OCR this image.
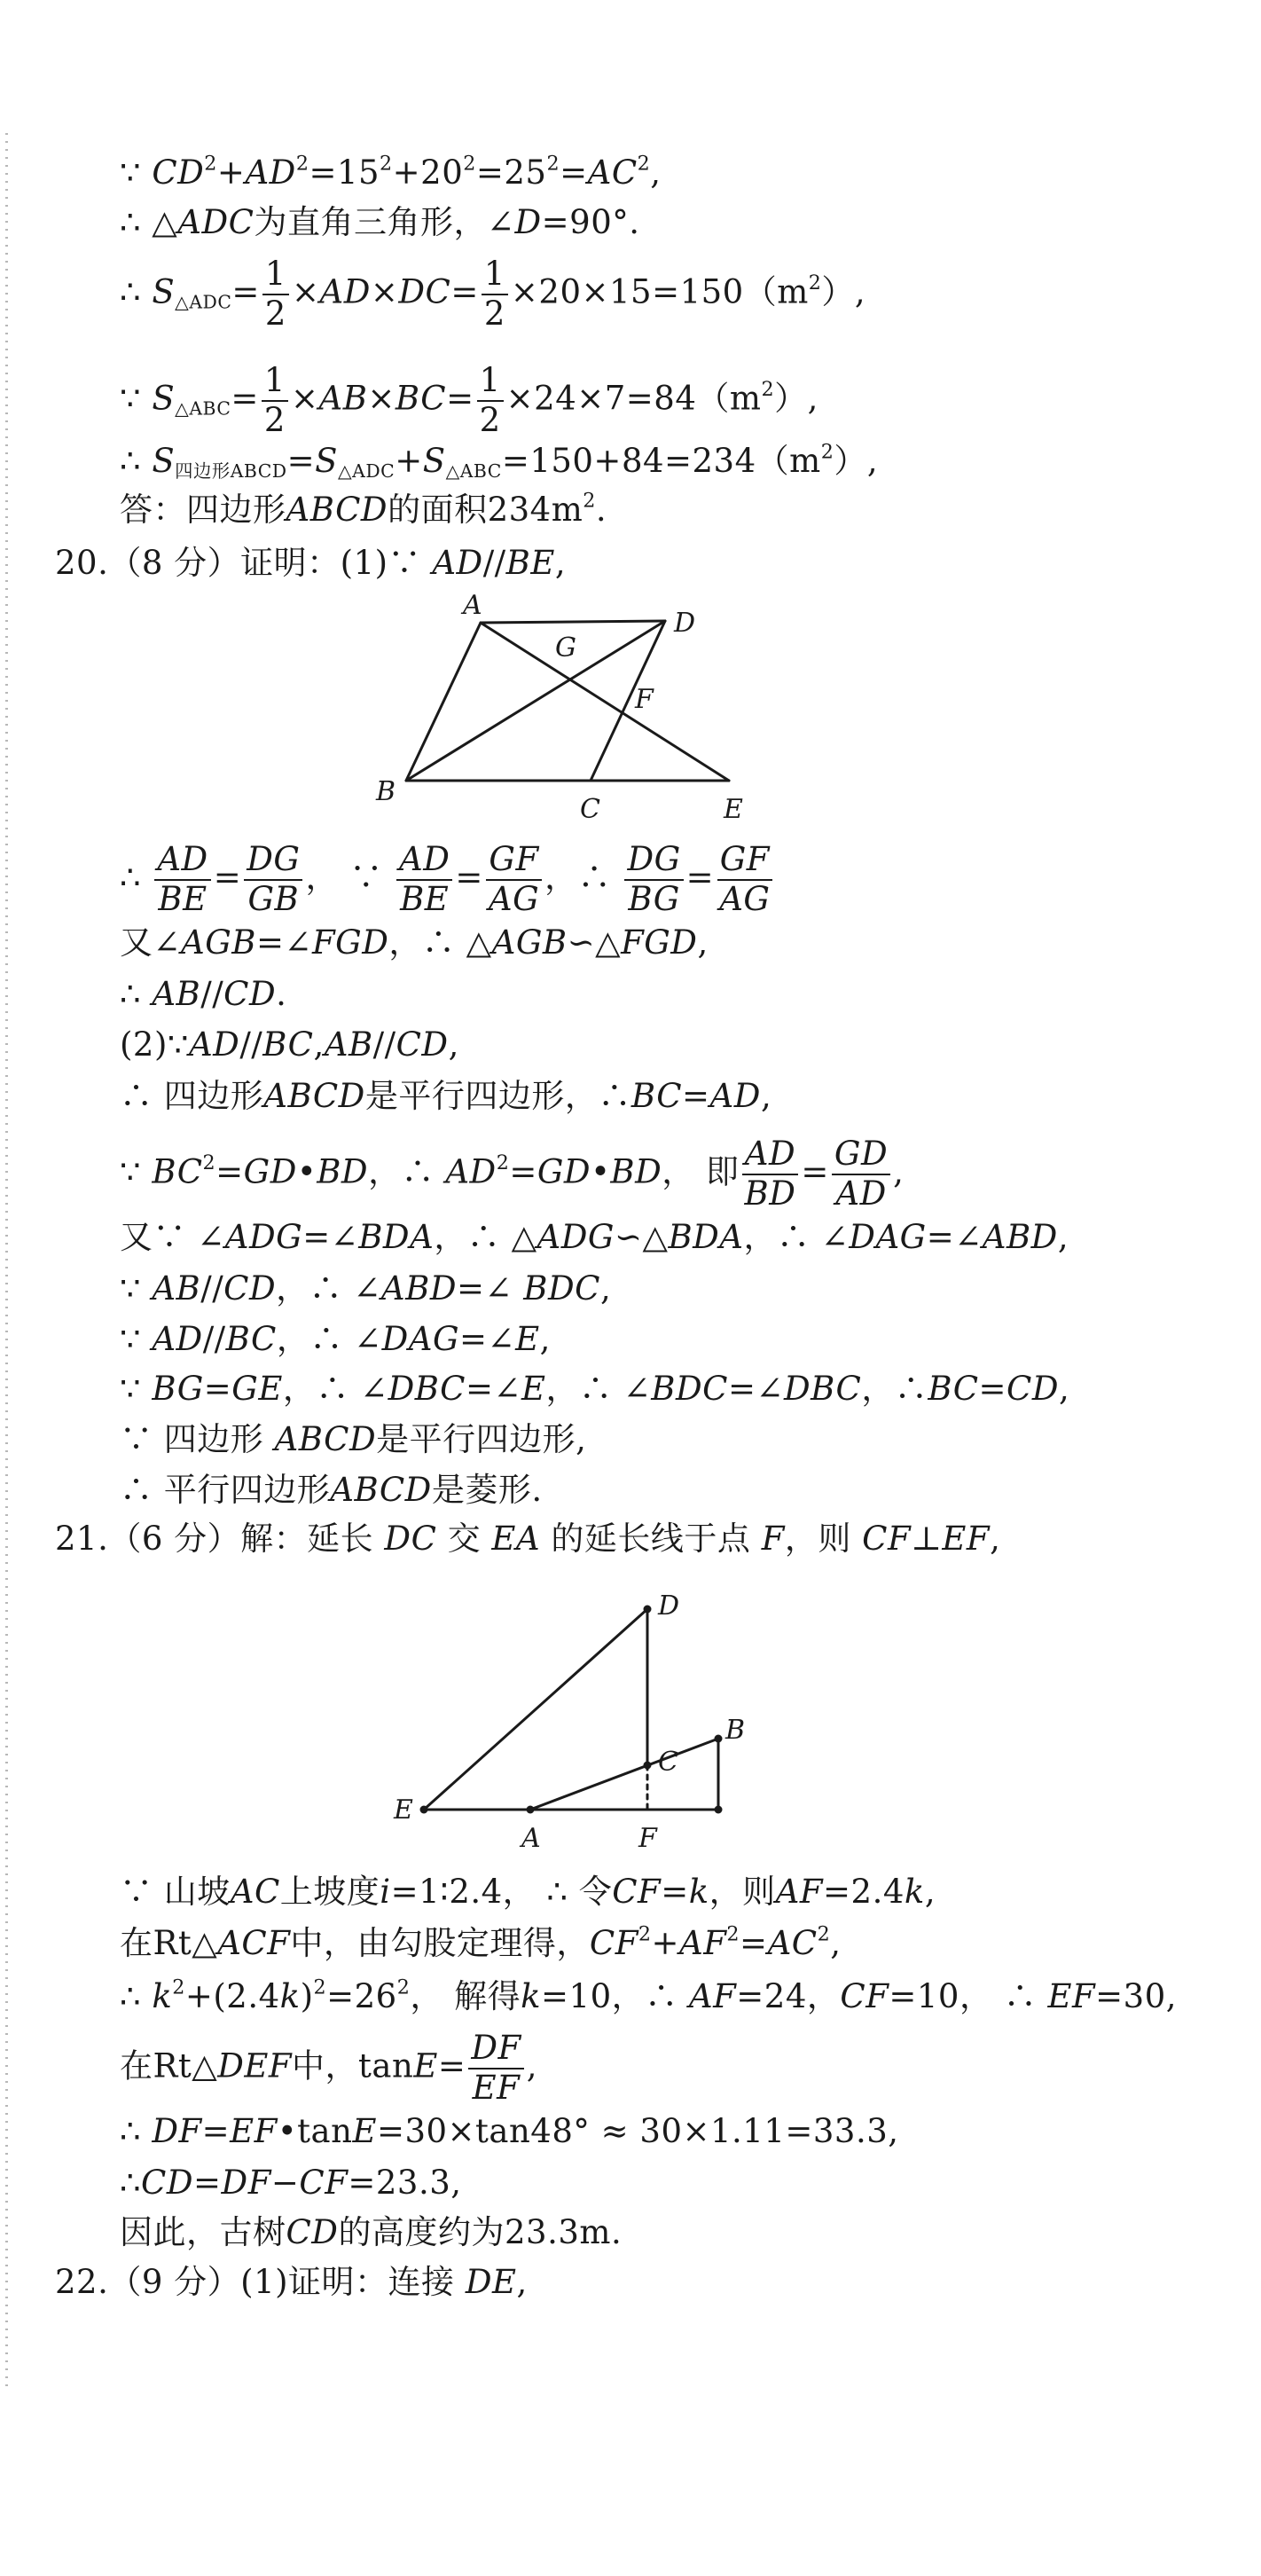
∵ $CD^2+AD^2=15^2+20^2=25^2=AC^2$,
∴ △ADC为直角三角形，∠D=90°.
∴ $S_{\triangle ADC}= \frac{1}{2} \times AD\times DC= \frac{1}{2} \times 20\times 15=150(m^2)$,
∵ $S_{\triangle ABC}= \frac{1}{2} \times AB\times BC= \frac{1}{2} \times 24\times 7=84(m^2)$,
∴ $S_{四边形ABCD}=S_{\triangle ADC}+S_{\triangle ABC}=150+84=234(m^2)$,
答：四边形ABCD的面积$234m^2$.
20.（8 分）证明：(1)∵ AD//BE,
A
D
G
F
B
C	E
∴ $\frac{AD}{BE} = \frac{DG}{GB}$ ， ∵ $\frac{AD}{BE} = \frac{GF}{AG}$ ，∴ $\frac{DG}{BG} = \frac{GF}{AG}$
又∠AGB=∠FGD，∴ △AGB∽△FGD,
∴ AB//CD.
(2)∵AD//BC,AB//CD,
∴ 四边形ABCD是平行四边形，∴BC=AD,
∵ $BC^2=GD•BD$，∴ $AD^2=GD•BD$， 即 $\frac{AD}{BD} = \frac{GD}{AD}$ ,
又∵ ∠ADG=∠BDA，∴ △ADG∽△BDA，∴ ∠DAG=∠ABD,
∵ AB//CD，∴ ∠ABD=∠ BDC,
∵ AD//BC，∴ ∠DAG=∠E,
∵ BG=GE，∴ ∠DBC=∠E，∴ ∠BDC=∠DBC，∴BC=CD,
∵ 四边形 ABCD是平行四边形,
∴ 平行四边形ABCD是菱形.
21.（6 分）解：延长 DC 交 EA 的延长线于点 F，则 CF⊥EF,
D
B
C
E
A	F
∵ 山坡AC上坡度i=1∶2.4， ∴ 令CF=k，则AF=2.4k,
在Rt△ACF中，由勾股定理得，$CF^2+AF^2=AC^2$,
∴ $k^2+(2.4k)^2=26^2$， 解得k=10，∴ AF=24，CF=10， ∴ EF=30,
在Rt△DEF中，$\tan E= \frac{DF}{EF}$ ,
∴ DF=EF•tanE=30×tan48° ≈ 30×1.11=33.3,
∴CD=DF−CF=23.3,
因此，古树CD的高度约为23.3m.
22.（9 分）(1)证明：连接 DE,
